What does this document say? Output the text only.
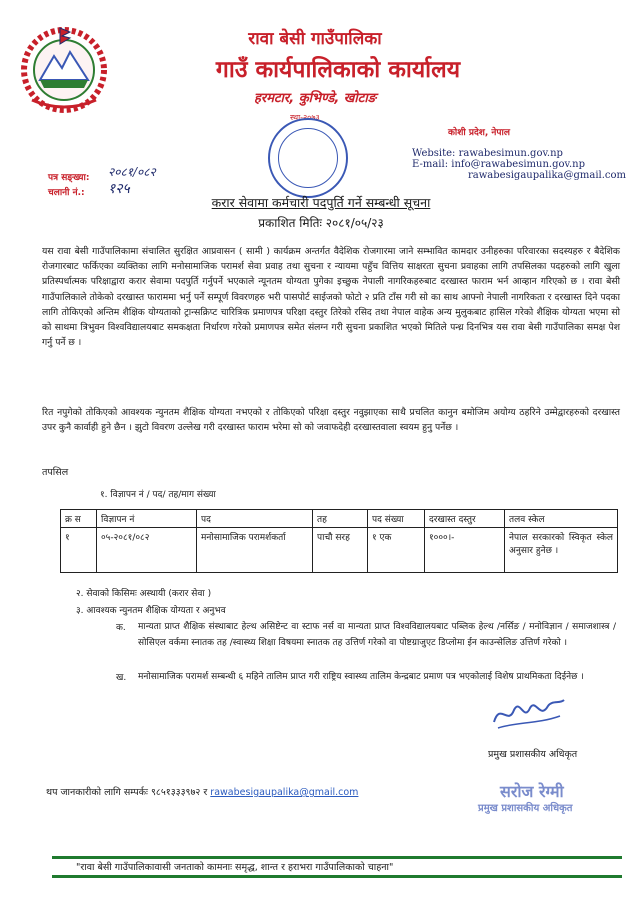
रावा बेसी गाउँपालिका
गाउँ कार्यपालिकाको कार्यालय
हरमटार, कुभिण्डे, खोटाङ
स्था-२०७३
कोशी प्रदेश, नेपाल
Website: rawabesimun.gov.np
E-mail: info@rawabesimun.gov.np
rawabesigaupalika@gmail.com
पत्र सङ्ख्या: २०८१/०८२
चलानी नं.: १२५
करार सेवामा कर्मचारी पदपुर्ति गर्ने सम्बन्धी सूचना
प्रकाशित मितिः २०८१/०५/२३
यस रावा बेसी गाउँपालिकामा संचालित सुरक्षित आप्रवासन ( सामी ) कार्यक्रम अन्तर्गत वैदेशिक रोजगारमा जाने सम्भावित कामदार उनीहरुका परिवारका सदस्यहरु र बैदेशिक रोजगारबाट फर्किएका व्यक्तिका लागि मनोसामाजिक परामर्श सेवा प्रवाह तथा सुचना र न्यायमा पहुँच वित्तिय साक्षरता सुचना प्रवाहका लागि तपसिलका पदहरुको लागि खुला प्रतिस्पर्धात्मक परिक्षाद्वारा करार सेवामा पदपुर्ति गर्नुपर्ने भएकाले न्यूनतम योग्यता पुगेका इच्छुक नेपाली नागरिकहरुबाट दरखास्त फाराम भर्न आव्हान गरिएको छ । रावा बेसी गाउँपालिकाले तोकेको दरखास्त फाराममा भर्नु पर्ने सम्पूर्ण विवरणहरु भरी पासपोर्ट साईजको फोटो २ प्रति टाँस गरी सो का साथ आफ्नो नेपाली नागरिकता र दरखास्त दिने पदका लागि तोकिएको अन्तिम शैक्षिक योग्यताको ट्रान्सक्रिप्ट चारित्रिक प्रमाणपत्र परिक्षा दस्तुर तिरेको रसिद तथा नेपाल वाहेक अन्य मुलुकबाट हासिल गरेको शैक्षिक योग्यता भएमा सो को साथमा त्रिभुवन विश्वविद्यालयबाट समकक्षता निर्धारण गरेको प्रमाणपत्र समेत संलग्न गरी सुचना प्रकाशित भएको मितिले पन्ध्र दिनभित्र यस रावा बेसी गाउँपालिका समक्ष पेश गर्नु पर्ने छ ।
रित नपुगेको तोकिएको आवश्यक न्युनतम शैक्षिक योग्यता नभएको र तोकिएको परिक्षा दस्तुर नवुझाएका साथै प्रचलित कानुन बमोजिम अयोग्य ठहरिने उम्मेद्वारहरुको दरखास्त उपर कुनै कार्वाही हुने छैन । झुटो विवरण उल्लेख गरी दरखास्त फाराम भरेमा सो को जवाफदेही दरखास्तवाला स्वयम हुनु पर्नेछ ।
तपसिल
१. विज्ञापन नं / पद/ तह/माग संख्या
क्र स	विज्ञापन नं	पद	तह	पद संख्या	दरखास्त दस्तुर	तलव स्केल
१	०५-२०८१/०८२	मनोसामाजिक परामर्शकर्ता	पाचौ सरह	१ एक	१०००।-	नेपाल सरकारको स्विकृत स्केल अनुसार हुनेछ ।
२. सेवाको किसिमः अस्थायी (करार सेवा )
३. आवश्यक न्युनतम शैक्षिक योग्यता र अनुभव
क. मान्यता प्राप्त शैक्षिक संस्थाबाट हेल्थ असिष्टेन्ट वा स्टाफ नर्स वा मान्यता प्राप्त विश्वविद्यालयबाट पब्लिक हेल्थ /नर्सिङ / मनोविज्ञान / समाजशास्त्र / सोसिएल वर्कमा स्नातक तह /स्वास्थ्य शिक्षा विषयमा स्नातक तह उत्तिर्ण गरेको वा पोष्टग्राजुएट डिप्लोमा ईन काउन्सेलिङ उत्तिर्ण गरेको ।
ख. मनोसामाजिक परामर्श सम्बन्धी ६ महिने तालिम प्राप्त गरी राष्ट्रिय स्वास्थ्य तालिम केन्द्रबाट प्रमाण पत्र भएकोलाई विशेष प्राथमिकता दिईनेछ ।
प्रमुख प्रशासकीय अधिकृत
थप जानकारीको लागि सम्पर्कः ९८५१३३३९७२ र rawabesigaupalika@gmail.com	सरोज रेग्मी
प्रमुख प्रशासकीय अधिकृत
"रावा बेसी गाउँपालिकावासी जनताको कामनाः समृद्ध, शान्त र हराभरा गाउँपालिकाको चाहना"
